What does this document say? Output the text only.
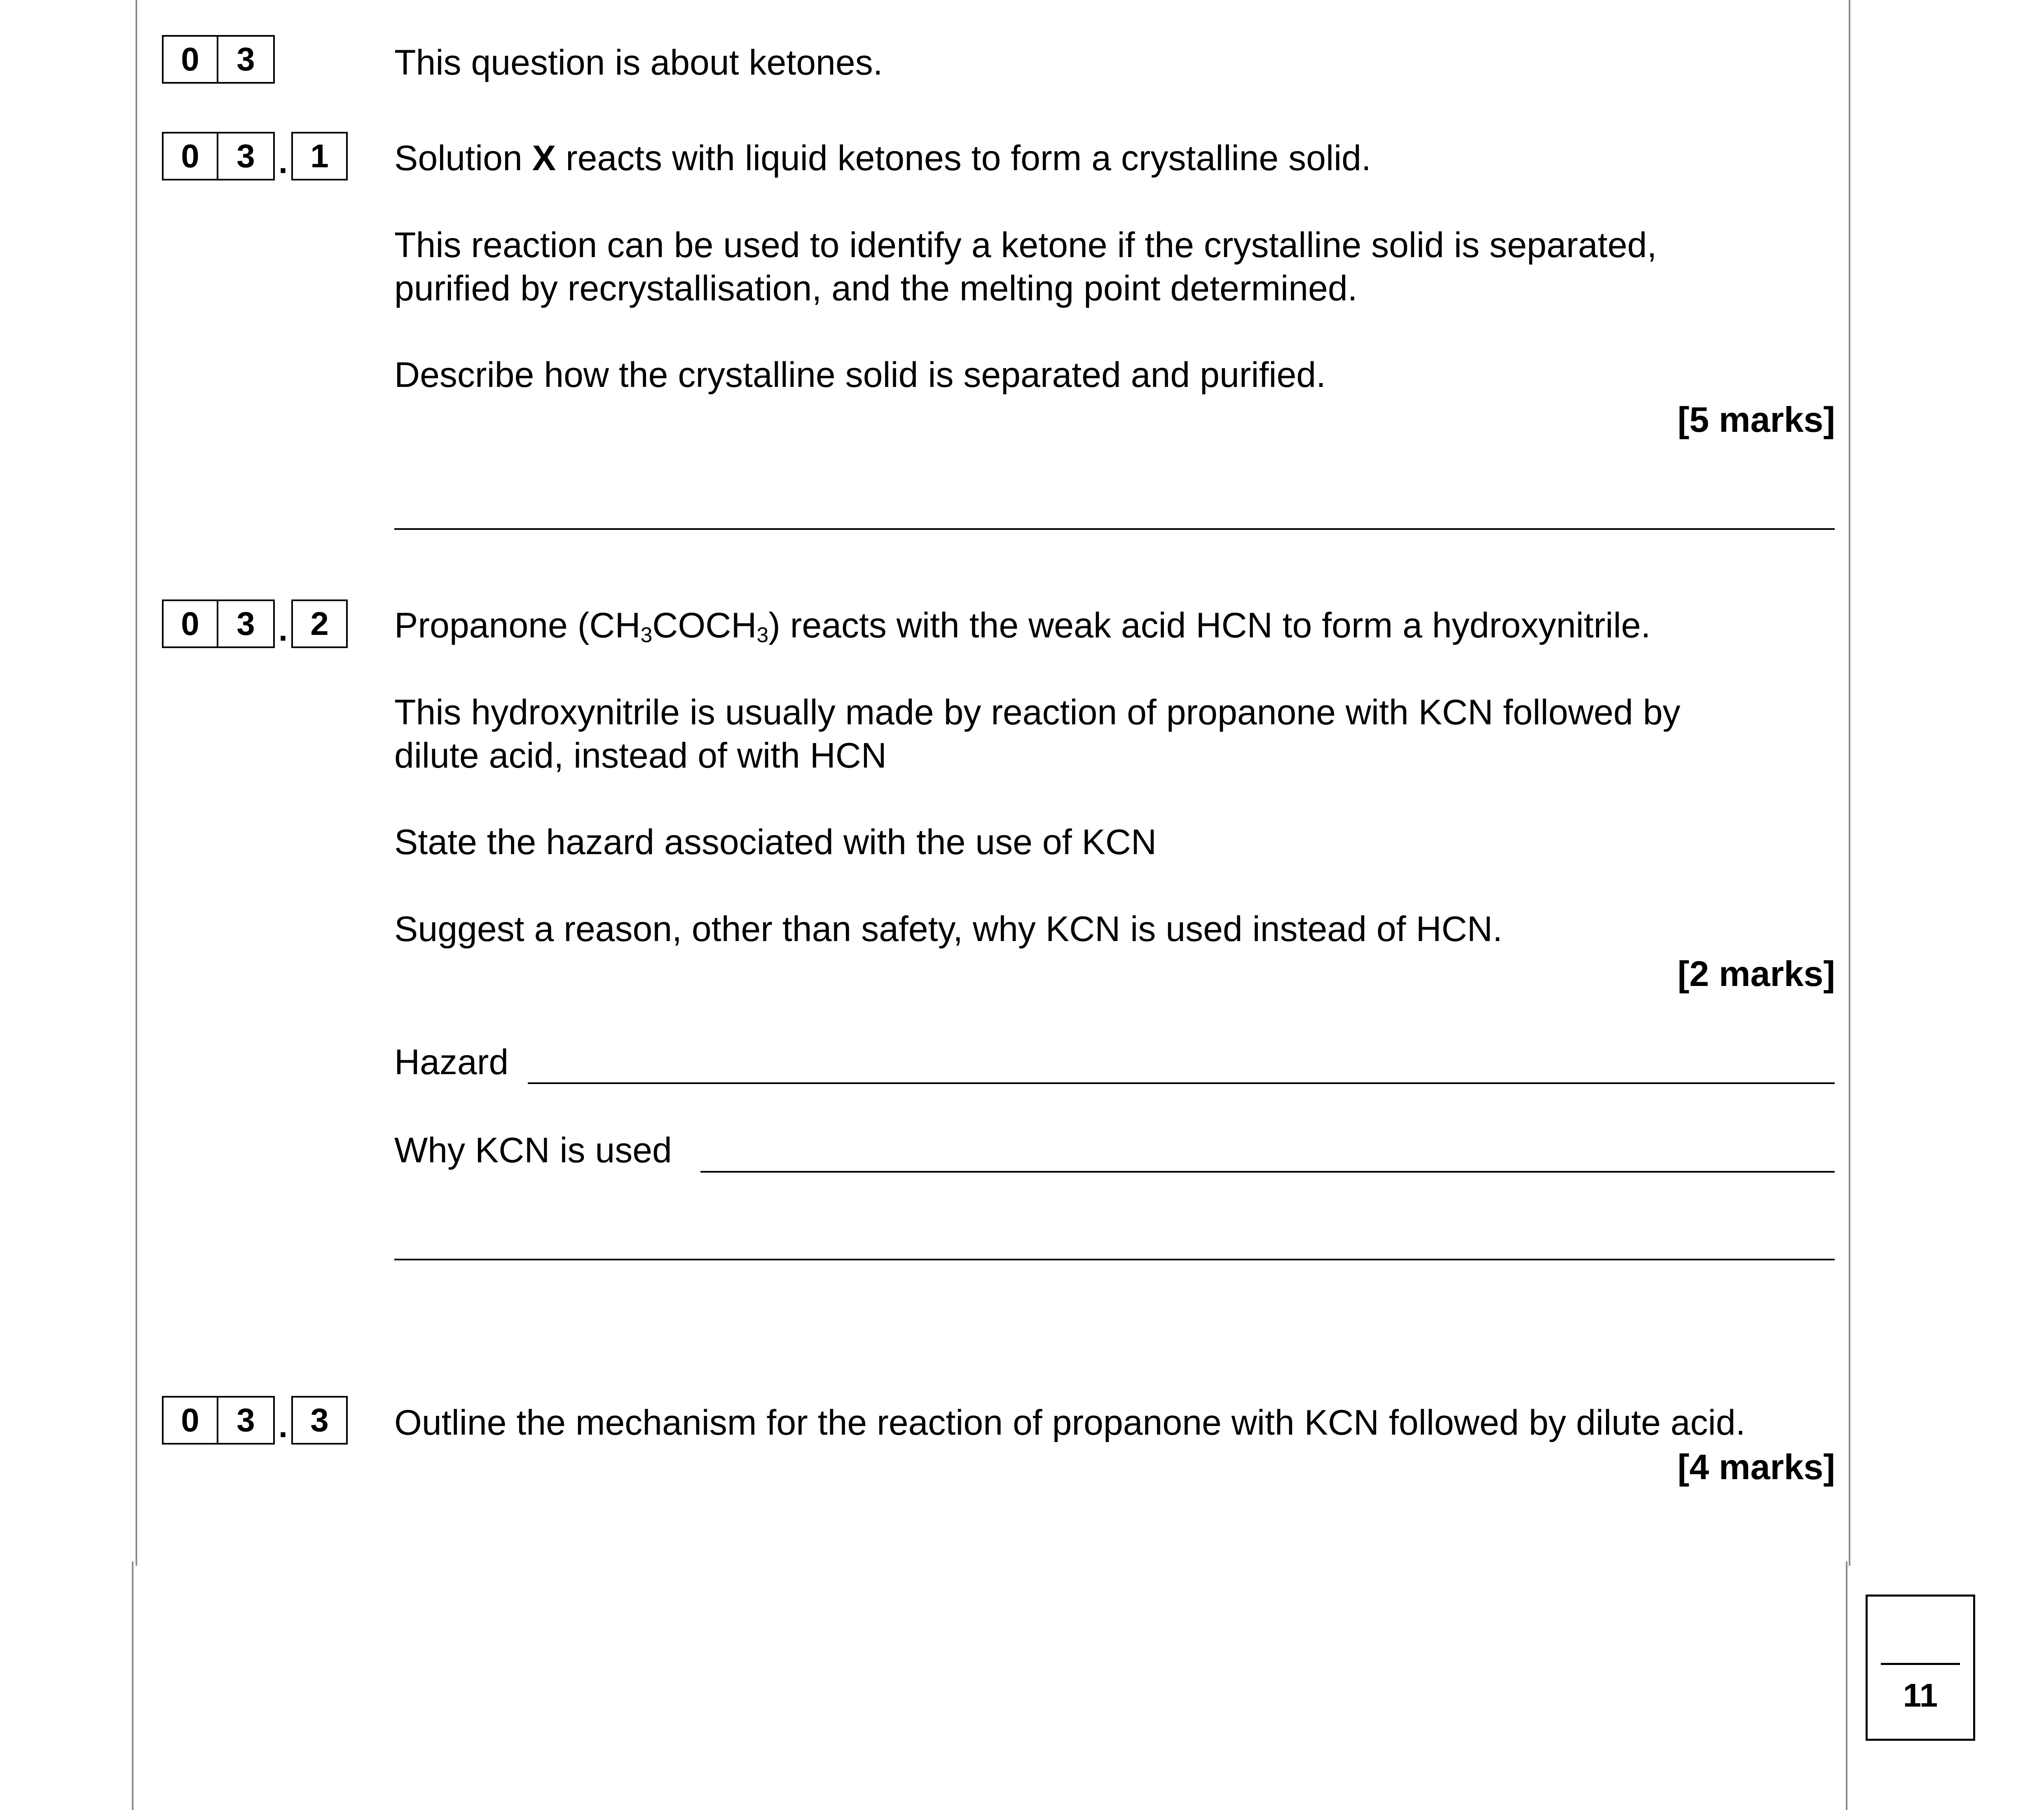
0	3	This question is about ketones.
0	3 . 1	Solution X reacts with liquid ketones to form a crystalline solid.
This reaction can be used to identify a ketone if the crystalline solid is separated,
purified by recrystallisation, and the melting point determined.
Describe how the crystalline solid is separated and purified.
[5 marks]
0	3 . 2	Propanone $(CH_3COCH_3)$ reacts with the weak acid HCN to form a hydroxynitrile.
This hydroxynitrile is usually made by reaction of propanone with KCN followed by
dilute acid, instead of with HCN
State the hazard associated with the use of KCN
Suggest a reason, other than safety, why KCN is used instead of HCN.
[2 marks]
Hazard
Why KCN is used
0	3 . 3	Outline the mechanism for the reaction of propanone with KCN followed by dilute acid.
[4 marks]
11
